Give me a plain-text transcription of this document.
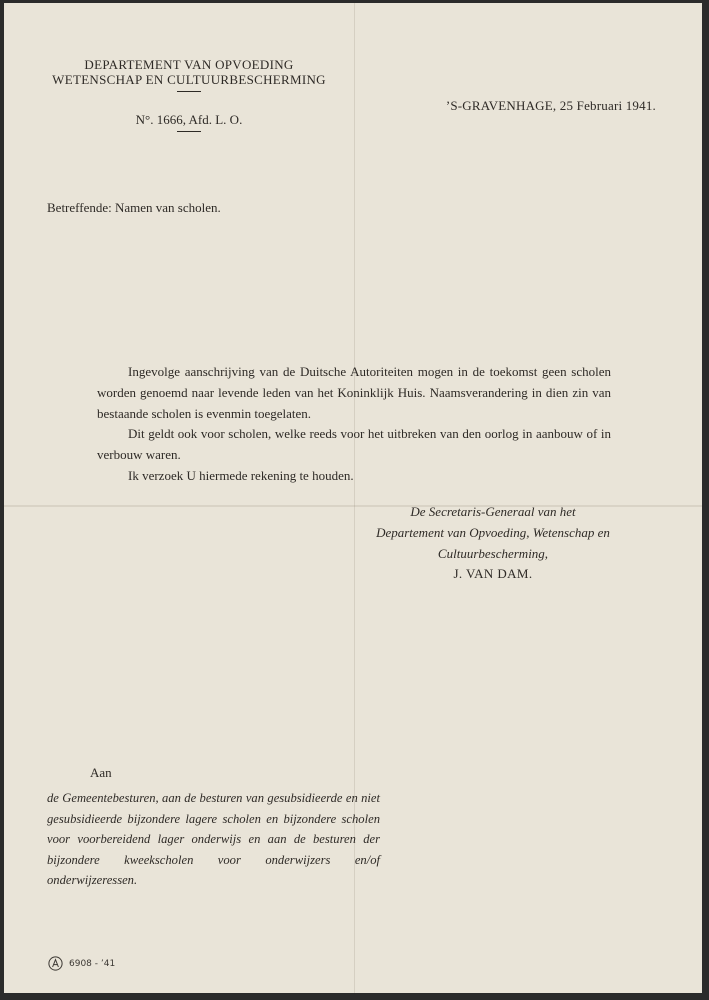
DEPARTEMENT VAN OPVOEDING
WETENSCHAP EN CULTUURBESCHERMING
N°. 1666, Afd. L. O.
’S-GRAVENHAGE, 25 Februari 1941.
Betreffende: Namen van scholen.

Ingevolge aanschrijving van de Duitsche Autoriteiten mogen in de toekomst geen scholen worden genoemd naar levende leden van het Koninklijk Huis. Naamsverandering in dien zin van bestaande scholen is evenmin toegelaten.

Dit geldt ook voor scholen, welke reeds voor het uitbreken van den oorlog in aanbouw of in verbouw waren.

Ik verzoek U hiermede rekening te houden.

De Secretaris-Generaal van het
Departement van Opvoeding, Wetenschap en
Cultuurbescherming,
J. VAN DAM.
Aan
de Gemeentebesturen, aan de besturen van gesubsidieerde en niet
gesubsidieerde bijzondere lagere scholen en bijzondere scholen
voor voorbereidend lager onderwijs en aan de besturen der
bijzondere kweekscholen voor onderwijzers en/of onderwijzeressen.
6908 - ’41
